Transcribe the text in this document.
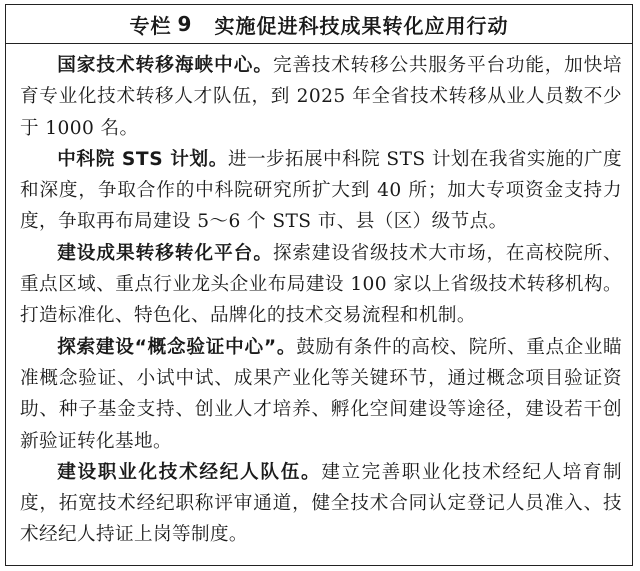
专栏 9 实施促进科技成果转化应用行动

国家技术转移海峡中心。完善技术转移公共服务平台功能，加快培育专业化技术转移人才队伍，到 2025 年全省技术转移从业人员数不少于 1000 名。

中科院 STS 计划。进一步拓展中科院 STS 计划在我省实施的广度和深度，争取合作的中科院研究所扩大到 40 所；加大专项资金支持力度，争取再布局建设 5～6 个 STS 市、县（区）级节点。

建设成果转移转化平台。探索建设省级技术大市场，在高校院所、重点区域、重点行业龙头企业布局建设 100 家以上省级技术转移机构。打造标准化、特色化、品牌化的技术交易流程和机制。

探索建设“概念验证中心”。鼓励有条件的高校、院所、重点企业瞄准概念验证、小试中试、成果产业化等关键环节，通过概念项目验证资助、种子基金支持、创业人才培养、孵化空间建设等途径，建设若干创新验证转化基地。

建设职业化技术经纪人队伍。建立完善职业化技术经纪人培育制度，拓宽技术经纪职称评审通道，健全技术合同认定登记人员准入、技术经纪人持证上岗等制度。
